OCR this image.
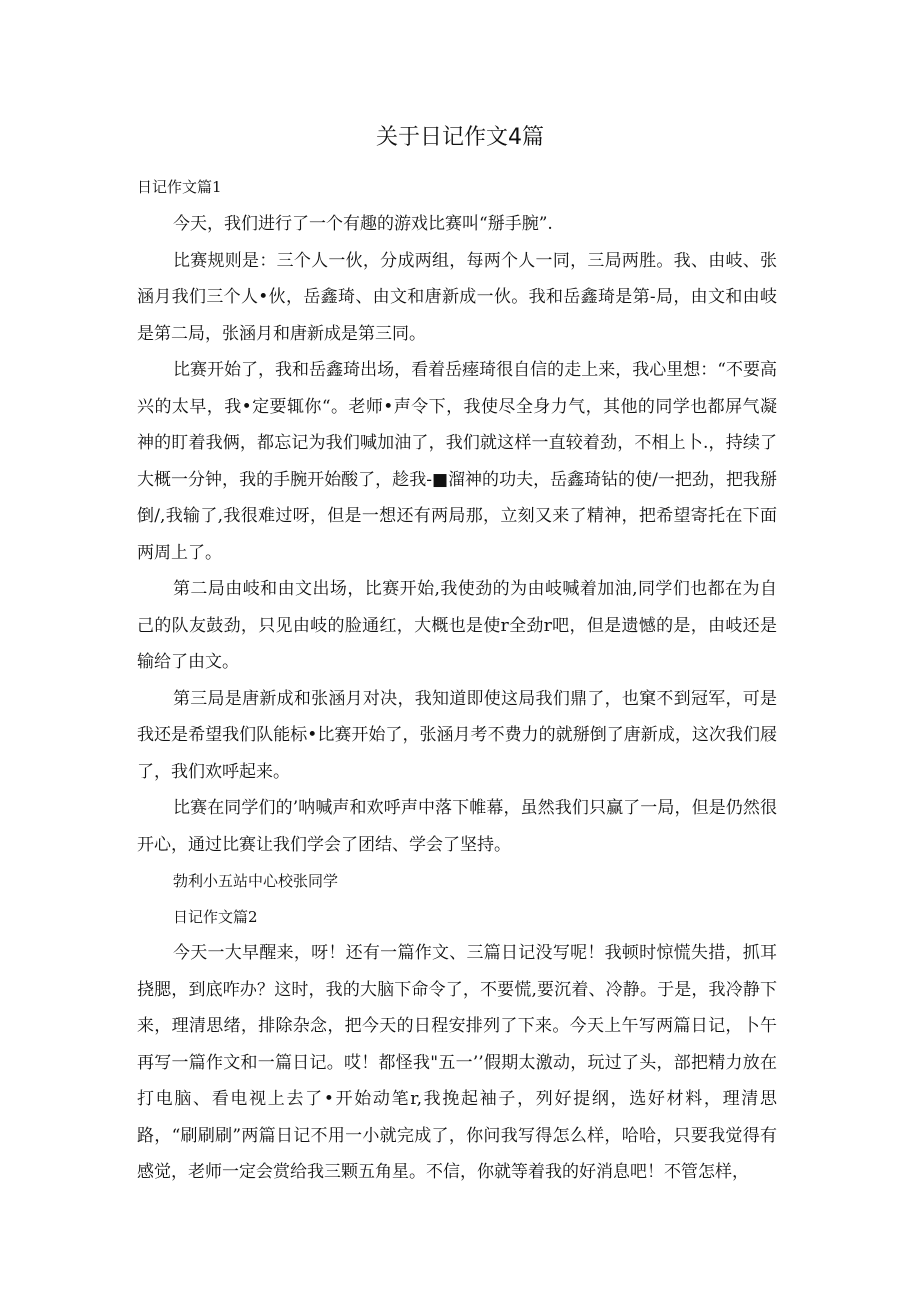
关于日记作文4篇
日记作文篇1

今天，我们进行了一个有趣的游戏比赛叫“掰手腕”.

比赛规则是：三个人一伙，分成两组，每两个人一同，三局两胜。我、由岐、张涵月我们三个人•伙，岳鑫琦、由文和唐新成一伙。我和岳鑫琦是第-局，由文和由岐是第二局，张涵月和唐新成是第三同。

比赛开始了，我和岳鑫琦出场，看着岳瘗琦很自信的走上来，我心里想：“不要高兴的太早，我•定要辄你“。老师•声令下，我使尽全身力气，其他的同学也都屏气凝神的盯着我俩，都忘记为我们喊加油了，我们就这样一直较着劲，不相上卜.，持续了大概一分钟，我的手腕开始酸了，趁我-■溜神的功夫，岳鑫琦钻的使/一把劲，把我掰倒/,我输了,我很难过呀，但是一想还有两局那，立刻又来了精神，把希望寄托在下面两周上了。

第二局由岐和由文出场，比赛开始,我使劲的为由岐喊着加油,同学们也都在为自己的队友鼓劲，只见由岐的脸通红，大概也是使r全劲r吧，但是遗憾的是，由岐还是输给了由文。

第三局是唐新成和张涵月对决，我知道即使这局我们鼎了，也窠不到冠军，可是我还是希望我们队能标•比赛开始了，张涵月考不费力的就掰倒了唐新成，这次我们屐了，我们欢呼起来。

比赛在同学们的’呐喊声和欢呼声中落下帷幕，虽然我们只赢了一局，但是仍然很开心，通过比赛让我们学会了团结、学会了坚持。

勃利小五站中心校张同学
日记作文篇2

今天一大早醒来，呀！还有一篇作文、三篇日记没写呢！我顿时惊慌失措，抓耳挠腮，到底咋办？这时，我的大脑下命令了，不要慌,要沉着、冷静。于是，我冷静下来，理清思绪，排除杂念，把今天的日程安排列了下来。今天上午写两篇日记，卜午再写一篇作文和一篇日记。哎！都怪我"五一’’假期太激动，玩过了头，部把精力放在打电脑、看电视上去了•开始动笔r,我挽起袖子，列好提纲，选好材料，理清思路，“刷刷刷”两篇日记不用一小就完成了，你问我写得怎么样，哈哈，只要我觉得有感觉，老师一定会赏给我三颗五角星。不信，你就等着我的好消息吧！不管怎样，
